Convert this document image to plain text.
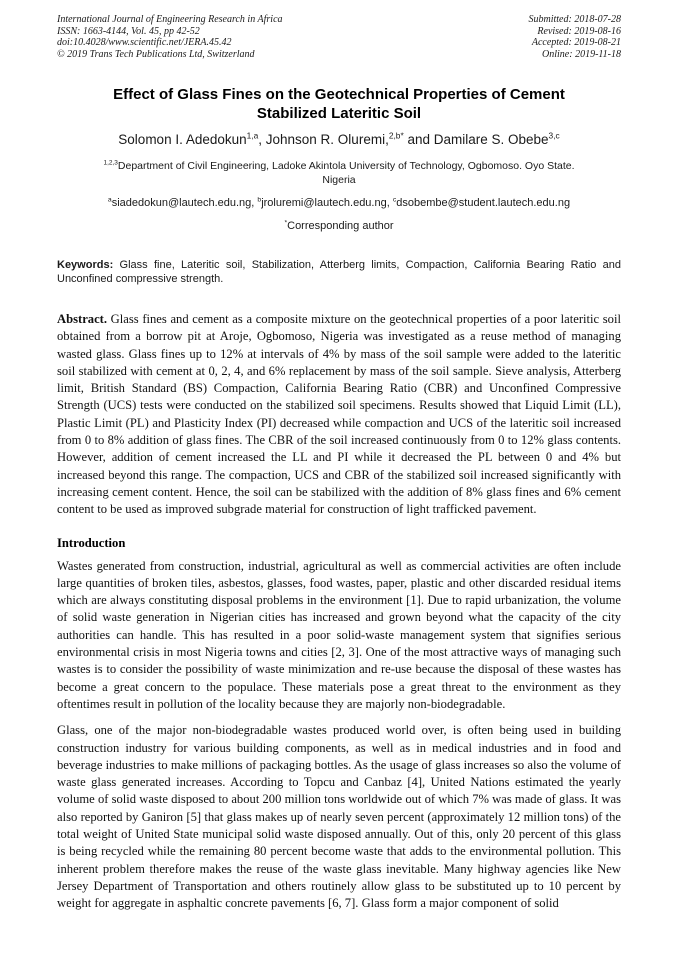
International Journal of Engineering Research in Africa
ISSN: 1663-4144, Vol. 45, pp 42-52
doi:10.4028/www.scientific.net/JERA.45.42
© 2019 Trans Tech Publications Ltd, Switzerland
Submitted: 2018-07-28
Revised: 2019-08-16
Accepted: 2019-08-21
Online: 2019-11-18
Effect of Glass Fines on the Geotechnical Properties of Cement Stabilized Lateritic Soil
Solomon I. Adedokun$^{1,a}$, Johnson R. Oluremi,$^{2,b*}$ and Damilare S. Obebe$^{3,c}$
$^{1,2,3}$Department of Civil Engineering, Ladoke Akintola University of Technology, Ogbomoso. Oyo State. Nigeria
$^a$siadedokun@lautech.edu.ng, $^b$jroluremi@lautech.edu.ng, $^c$dsobembe@student.lautech.edu.ng
*Corresponding author
Keywords: Glass fine, Lateritic soil, Stabilization, Atterberg limits, Compaction, California Bearing Ratio and Unconfined compressive strength.
Abstract. Glass fines and cement as a composite mixture on the geotechnical properties of a poor lateritic soil obtained from a borrow pit at Aroje, Ogbomoso, Nigeria was investigated as a reuse method of managing wasted glass. Glass fines up to 12% at intervals of 4% by mass of the soil sample were added to the lateritic soil stabilized with cement at 0, 2, 4, and 6% replacement by mass of the soil sample. Sieve analysis, Atterberg limit, British Standard (BS) Compaction, California Bearing Ratio (CBR) and Unconfined Compressive Strength (UCS) tests were conducted on the stabilized soil specimens. Results showed that Liquid Limit (LL), Plastic Limit (PL) and Plasticity Index (PI) decreased while compaction and UCS of the lateritic soil increased from 0 to 8% addition of glass fines. The CBR of the soil increased continuously from 0 to 12% glass contents. However, addition of cement increased the LL and PI while it decreased the PL between 0 and 4% but increased beyond this range. The compaction, UCS and CBR of the stabilized soil increased significantly with increasing cement content. Hence, the soil can be stabilized with the addition of 8% glass fines and 6% cement content to be used as improved subgrade material for construction of light trafficked pavement.
Introduction
Wastes generated from construction, industrial, agricultural as well as commercial activities are often include large quantities of broken tiles, asbestos, glasses, food wastes, paper, plastic and other discarded residual items which are always constituting disposal problems in the environment [1]. Due to rapid urbanization, the volume of solid waste generation in Nigerian cities has increased and grown beyond what the capacity of the city authorities can handle. This has resulted in a poor solid-waste management system that signifies serious environmental crisis in most Nigeria towns and cities [2, 3]. One of the most attractive ways of managing such wastes is to consider the possibility of waste minimization and re-use because the disposal of these wastes has become a great concern to the populace. These materials pose a great threat to the environment as they oftentimes result in pollution of the locality because they are majorly non-biodegradable.
Glass, one of the major non-biodegradable wastes produced world over, is often being used in building construction industry for various building components, as well as in medical industries and in food and beverage industries to make millions of packaging bottles. As the usage of glass increases so also the volume of waste glass generated increases. According to Topcu and Canbaz [4], United Nations estimated the yearly volume of solid waste disposed to about 200 million tons worldwide out of which 7% was made of glass. It was also reported by Ganiron [5] that glass makes up of nearly seven percent (approximately 12 million tons) of the total weight of United State municipal solid waste disposed annually. Out of this, only 20 percent of this glass is being recycled while the remaining 80 percent become waste that adds to the environmental pollution. This inherent problem therefore makes the reuse of the waste glass inevitable. Many highway agencies like New Jersey Department of Transportation and others routinely allow glass to be substituted up to 10 percent by weight for aggregate in asphaltic concrete pavements [6, 7]. Glass form a major component of solid
